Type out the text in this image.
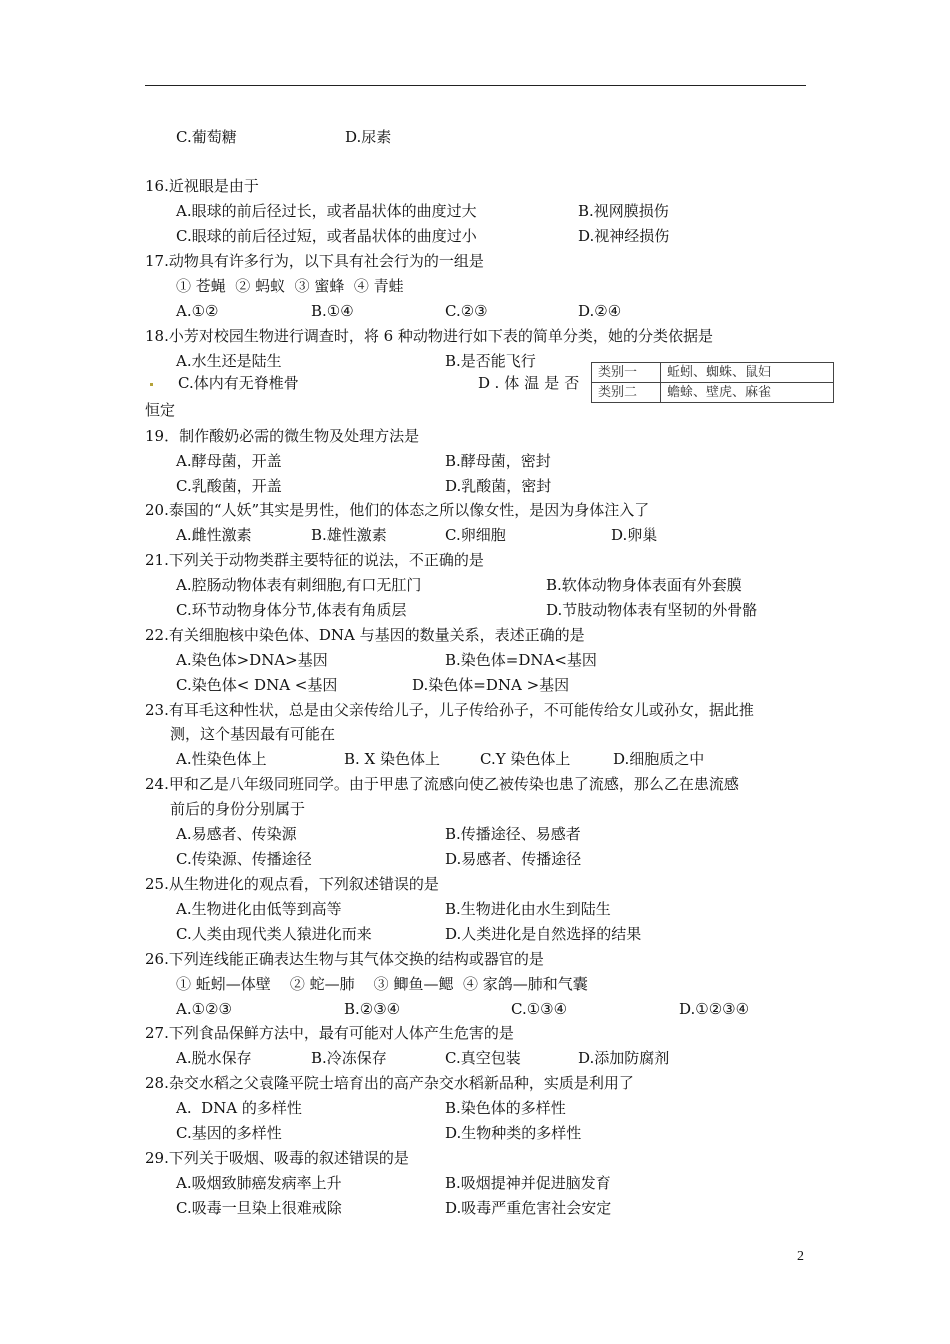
C.葡萄糖	D.尿素
16.近视眼是由于
A.眼球的前后径过长，或者晶状体的曲度过大	B.视网膜损伤
C.眼球的前后径过短，或者晶状体的曲度过小	D.视神经损伤
17.动物具有许多行为，以下具有社会行为的一组是
① 苍蝇  ② 蚂蚁  ③ 蜜蜂  ④ 青蛙
A.①②	B.①④	C.②③	D.②④
18.小芳对校园生物进行调查时，将 6 种动物进行如下表的简单分类，她的分类依据是
A.水生还是陆生	B.是否能飞行
C.体内有无脊椎骨	D.体温是否
恒定
类别一	蚯蚓、蜘蛛、鼠妇
类别二	蟾蜍、壁虎、麻雀
19．制作酸奶必需的微生物及处理方法是
A.酵母菌，开盖	B.酵母菌，密封
C.乳酸菌，开盖	D.乳酸菌，密封
20.泰国的“人妖”其实是男性，他们的体态之所以像女性，是因为身体注入了
A.雌性激素	B.雄性激素	C.卵细胞	D.卵巢
21.下列关于动物类群主要特征的说法，不正确的是
A.腔肠动物体表有刺细胞,有口无肛门	B.软体动物身体表面有外套膜
C.环节动物身体分节,体表有角质层	D.节肢动物体表有坚韧的外骨骼
22.有关细胞核中染色体、DNA 与基因的数量关系，表述正确的是
A.染色体>DNA>基因	B.染色体=DNA<基因
C.染色体< DNA <基因	D.染色体=DNA >基因
23.有耳毛这种性状，总是由父亲传给儿子，儿子传给孙子，不可能传给女儿或孙女，据此推
测，这个基因最有可能在
A.性染色体上	B. X 染色体上	C.Y 染色体上	D.细胞质之中
24.甲和乙是八年级同班同学。由于甲患了流感向使乙被传染也患了流感，那么乙在患流感
前后的身份分别属于
A.易感者、传染源	B.传播途径、易感者
C.传染源、传播途径	D.易感者、传播途径
25.从生物进化的观点看，下列叙述错误的是
A.生物进化由低等到高等	B.生物进化由水生到陆生
C.人类由现代类人猿进化而来	D.人类进化是自然选择的结果
26.下列连线能正确表达生物与其气体交换的结构或器官的是
① 蚯蚓—体壁    ② 蛇—肺    ③ 鲫鱼—鳃  ④ 家鸽—肺和气囊
A.①②③	B.②③④	C.①③④	D.①②③④
27.下列食品保鲜方法中，最有可能对人体产生危害的是
A.脱水保存	B.冷冻保存	C.真空包装	D.添加防腐剂
28.杂交水稻之父袁隆平院士培育出的高产杂交水稻新品种，实质是利用了
A.  DNA 的多样性	B.染色体的多样性
C.基因的多样性	D.生物种类的多样性
29.下列关于吸烟、吸毒的叙述错误的是
A.吸烟致肺癌发病率上升	B.吸烟提神并促进脑发育
C.吸毒一旦染上很难戒除	D.吸毒严重危害社会安定
2
